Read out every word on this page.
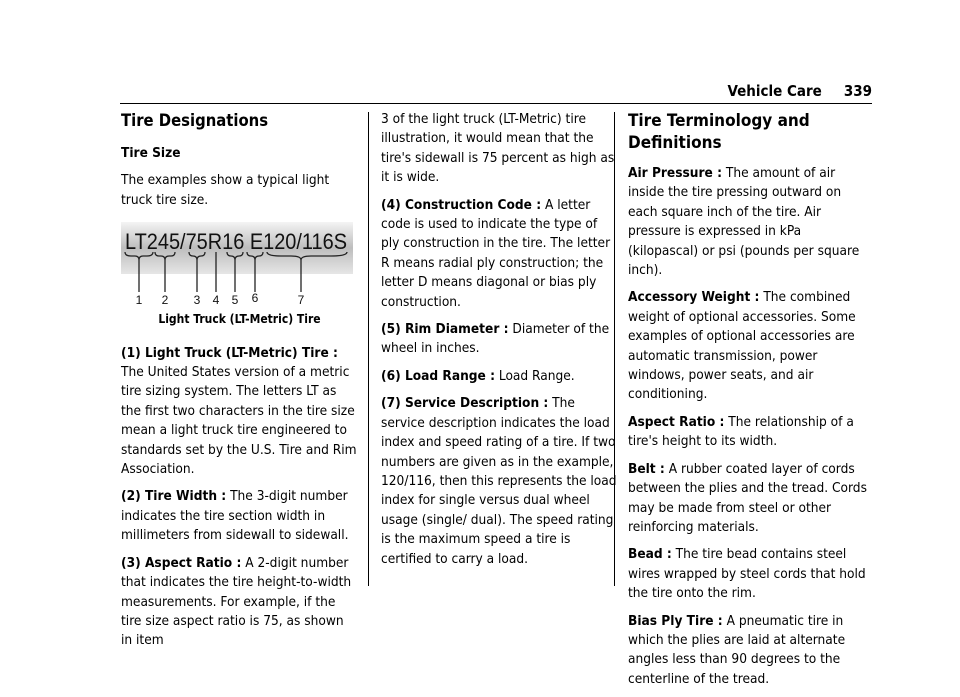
Vehicle Care 339
Tire Designations
Tire Size

The examples show a typical light truck tire size.

LT245/75R16 E120/116S
1 2 3 4 5 6	7
Light Truck (LT-Metric) Tire

(1) Light Truck (LT-Metric) Tire : The United States version of a metric tire sizing system. The letters LT as the first two characters in the tire size mean a light truck tire engineered to standards set by the U.S. Tire and Rim Association.

(2) Tire Width : The 3-digit number indicates the tire section width in millimeters from sidewall to sidewall.

(3) Aspect Ratio : A 2-digit number that indicates the tire height-to-width measurements. For example, if the tire size aspect ratio is 75, as shown in item

3 of the light truck (LT-Metric) tire illustration, it would mean that the tire's sidewall is 75 percent as high as it is wide.

(4) Construction Code : A letter code is used to indicate the type of ply construction in the tire. The letter R means radial ply construction; the letter D means diagonal or bias ply construction.

(5) Rim Diameter : Diameter of the wheel in inches.

(6) Load Range : Load Range.

(7) Service Description : The service description indicates the load index and speed rating of a tire. If two numbers are given as in the example, 120/116, then this represents the load index for single versus dual wheel usage (single/ dual). The speed rating is the maximum speed a tire is certified to carry a load.

Tire Terminology and Definitions

Air Pressure : The amount of air inside the tire pressing outward on each square inch of the tire. Air pressure is expressed in kPa (kilopascal) or psi (pounds per square inch).

Accessory Weight : The combined weight of optional accessories. Some examples of optional accessories are automatic transmission, power windows, power seats, and air conditioning.

Aspect Ratio : The relationship of a tire's height to its width.

Belt : A rubber coated layer of cords between the plies and the tread. Cords may be made from steel or other reinforcing materials.

Bead : The tire bead contains steel wires wrapped by steel cords that hold the tire onto the rim.

Bias Ply Tire : A pneumatic tire in which the plies are laid at alternate angles less than 90 degrees to the centerline of the tread.
